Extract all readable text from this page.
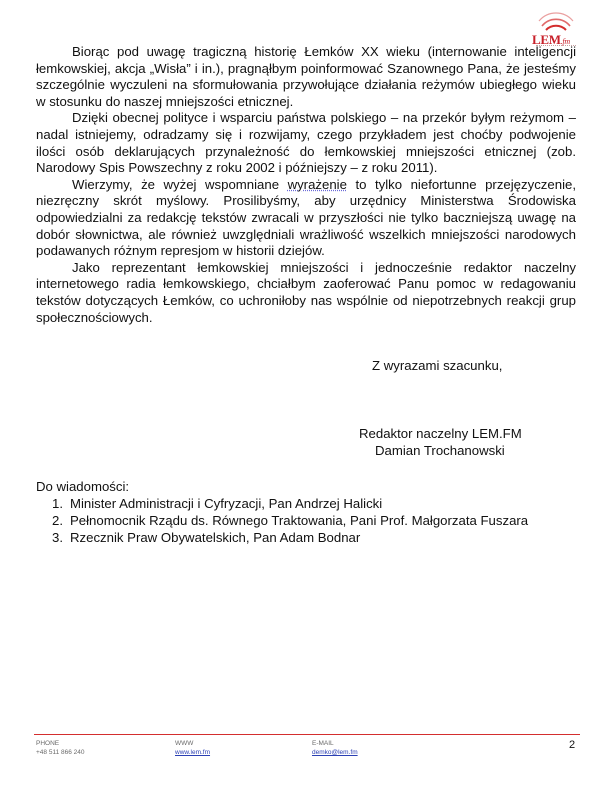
LEM.fm

Biorąc pod uwagę tragiczną historię Łemków XX wieku (internowanie inteligencji łemkowskiej, akcja „Wisła” i in.), pragnąłbym poinformować Szanownego Pana, że jesteśmy szczególnie wyczuleni na sformułowania przywołujące działania reżymów ubiegłego wieku w stosunku do naszej mniejszości etnicznej.

Dzięki obecnej polityce i wsparciu państwa polskiego – na przekór byłym reżymom – nadal istniejemy, odradzamy się i rozwijamy, czego przykładem jest choćby podwojenie ilości osób deklarujących przynależność do łemkowskiej mniejszości etnicznej (zob. Narodowy Spis Powszechny z roku 2002 i późniejszy – z roku 2011).

Wierzymy, że wyżej wspomniane wyrażenie to tylko niefortunne przejęzyczenie, niezręczny skrót myślowy. Prosilibyśmy, aby urzędnicy Ministerstwa Środowiska odpowiedzialni za redakcję tekstów zwracali w przyszłości nie tylko baczniejszą uwagę na dobór słownictwa, ale również uwzględniali wrażliwość wszelkich mniejszości narodowych podawanych różnym represjom w historii dziejów.

Jako reprezentant łemkowskiej mniejszości i jednocześnie redaktor naczelny internetowego radia łemkowskiego, chciałbym zaoferować Panu pomoc w redagowaniu tekstów dotyczących Łemków, co uchroniłoby nas wspólnie od niepotrzebnych reakcji grup społecznościowych.

Z wyrazami szacunku,
Redaktor naczelny LEM.FM
Damian Trochanowski
Do wiadomości:
1. Minister Administracji i Cyfryzacji, Pan Andrzej Halicki
2. Pełnomocnik Rządu ds. Równego Traktowania, Pani Prof. Małgorzata Fuszara
3. Rzecznik Praw Obywatelskich, Pan Adam Bodnar
PHONE
+48 511 866 240
WWW
www.lem.fm
E-MAIL
demko@lem.fm
2
